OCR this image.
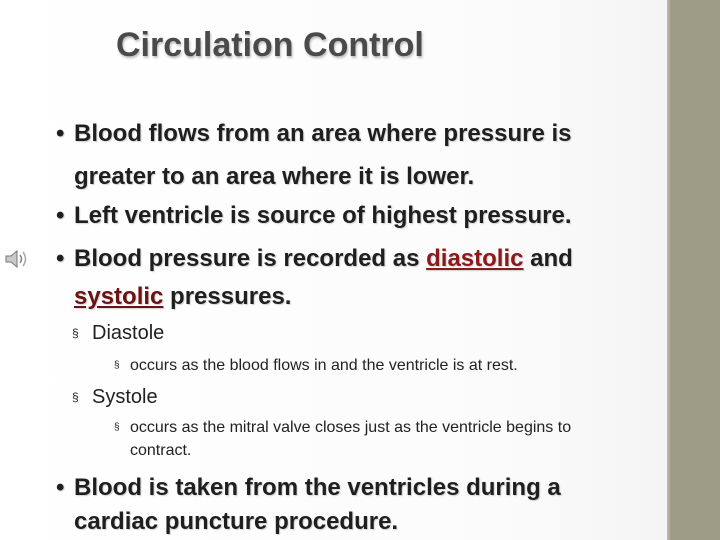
Circulation Control
• Blood flows from an area where pressure is
greater to an area where it is lower.
• Left ventricle is source of highest pressure.
• Blood pressure is recorded as diastolic and
systolic pressures.
§ Diastole
§ occurs as the blood flows in and the ventricle is at rest.
§ Systole
§ occurs as the mitral valve closes just as the ventricle begins to
contract.
• Blood is taken from the ventricles during a
cardiac puncture procedure.
